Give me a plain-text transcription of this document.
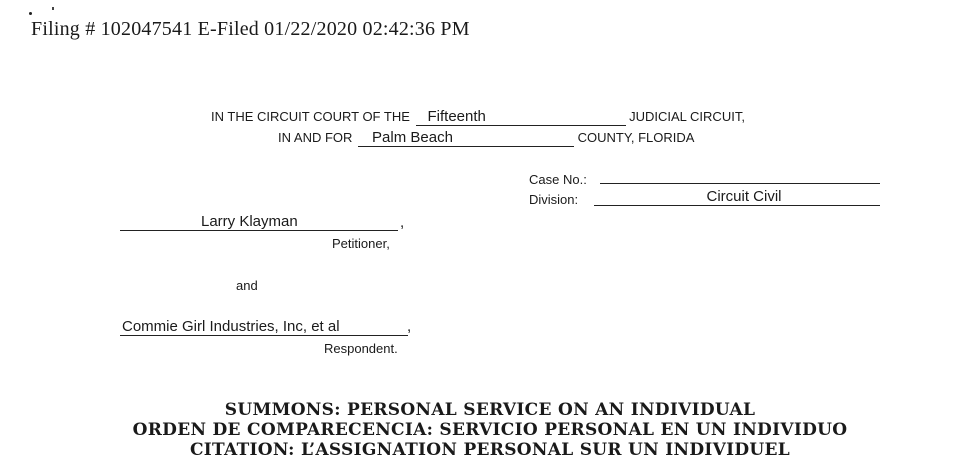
Filing # 102047541 E-Filed 01/22/2020 02:42:36 PM
IN THE CIRCUIT COURT OF THE Fifteenth	JUDICIAL CIRCUIT,
IN AND FOR Palm Beach	COUNTY, FLORIDA
Case No.:
Division:	Circuit Civil
Larry Klayman	,
Petitioner,
and
Commie Girl Industries, Inc, et al	,
Respondent.
SUMMONS: PERSONAL SERVICE ON AN INDIVIDUAL
ORDEN DE COMPARECENCIA: SERVICIO PERSONAL EN UN INDIVIDUO
CITATION: L’ASSIGNATION PERSONAL SUR UN INDIVIDUEL
